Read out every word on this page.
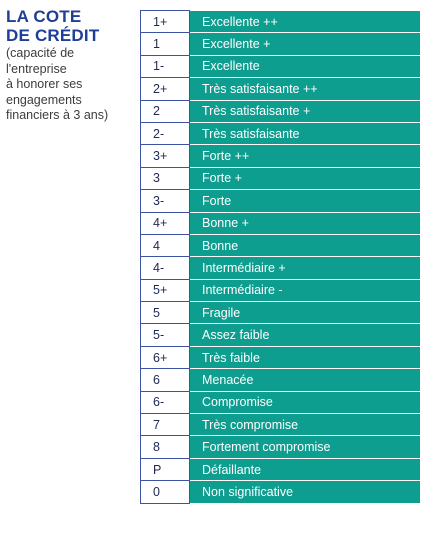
LA COTE
DE CRÉDIT

(capacité de
l'entreprise
à honorer ses
engagements
financiers à 3 ans)

1+	Excellente ++
1	Excellente +
1-	Excellente
2+	Très satisfaisante ++
2	Très satisfaisante +
2-	Très satisfaisante
3+	Forte ++
3	Forte +
3-	Forte
4+	Bonne +
4	Bonne
4-	Intermédiaire +
5+	Intermédiaire -
5	Fragile
5-	Assez faible
6+	Très faible
6	Menacée
6-	Compromise
7	Très compromise
8	Fortement compromise
P	Défaillante
0	Non significative
